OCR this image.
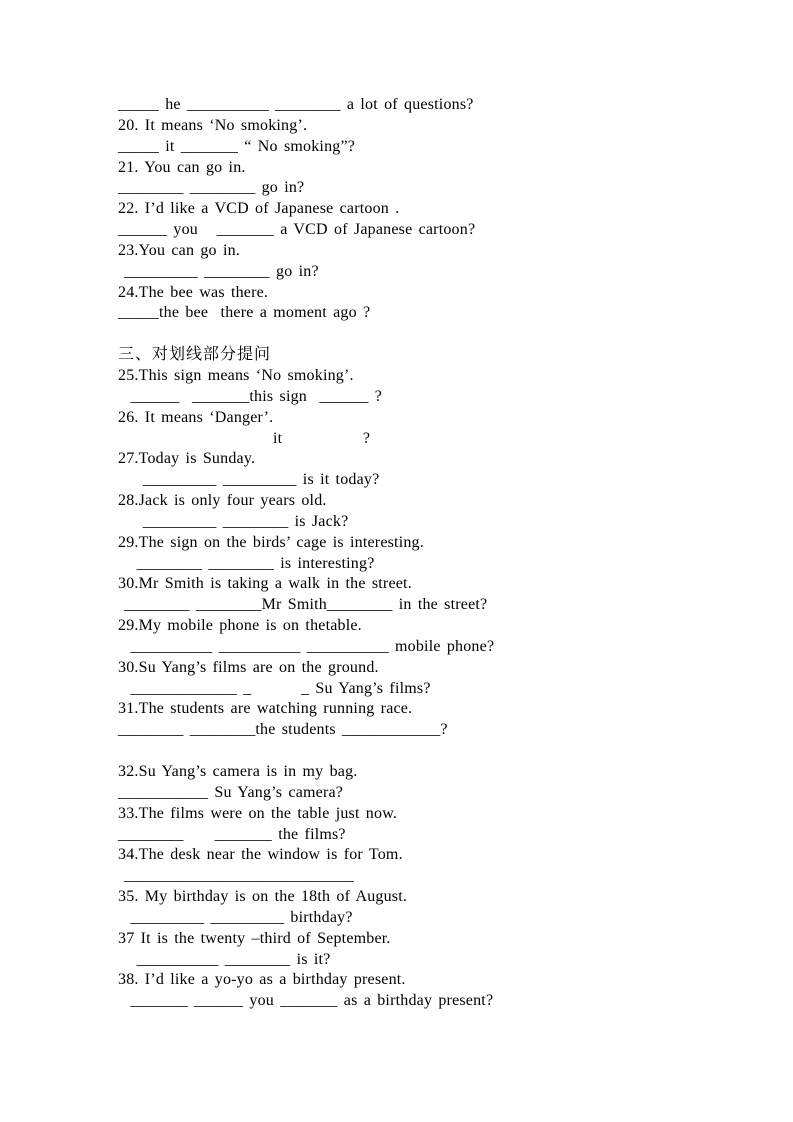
_____ he __________ ________ a lot of questions?
20. It means ‘No smoking’.
_____ it _______ “ No smoking”?
21. You can go in.
________ ________ go in?
22. I’d like a VCD of Japanese cartoon .
______ you   _______ a VCD of Japanese cartoon?
23.You can go in.
_________ ________ go in?
24.The bee was there.
_____the bee  there a moment ago ?
三、对划线部分提问
25.This sign means ‘No smoking’.
______  _______this sign  ______ ?
26. It means ‘Danger’.
it             ?
27.Today is Sunday.
_________ _________ is it today?
28.Jack is only four years old.
_________ ________ is Jack?
29.The sign on the birds’ cage is interesting.
________ ________ is interesting?
30.Mr Smith is taking a walk in the street.
________ ________Mr Smith________ in the street?
29.My mobile phone is on thetable.
__________ __________ __________ mobile phone?
30.Su Yang’s films are on the ground.
_____________ _        _ Su Yang’s films?
31.The students are watching running race.
________ ________the students ____________?
32.Su Yang’s camera is in my bag.
___________ Su Yang’s camera?
33.The films were on the table just now.
________     _______ the films?
34.The desk near the window is for Tom.
____________________________
35. My birthday is on the 18th of August.
_________ _________ birthday?
37 It is the twenty –third of September.
__________ ________ is it?
38. I’d like a yo-yo as a birthday present.
_______ ______ you _______ as a birthday present?
